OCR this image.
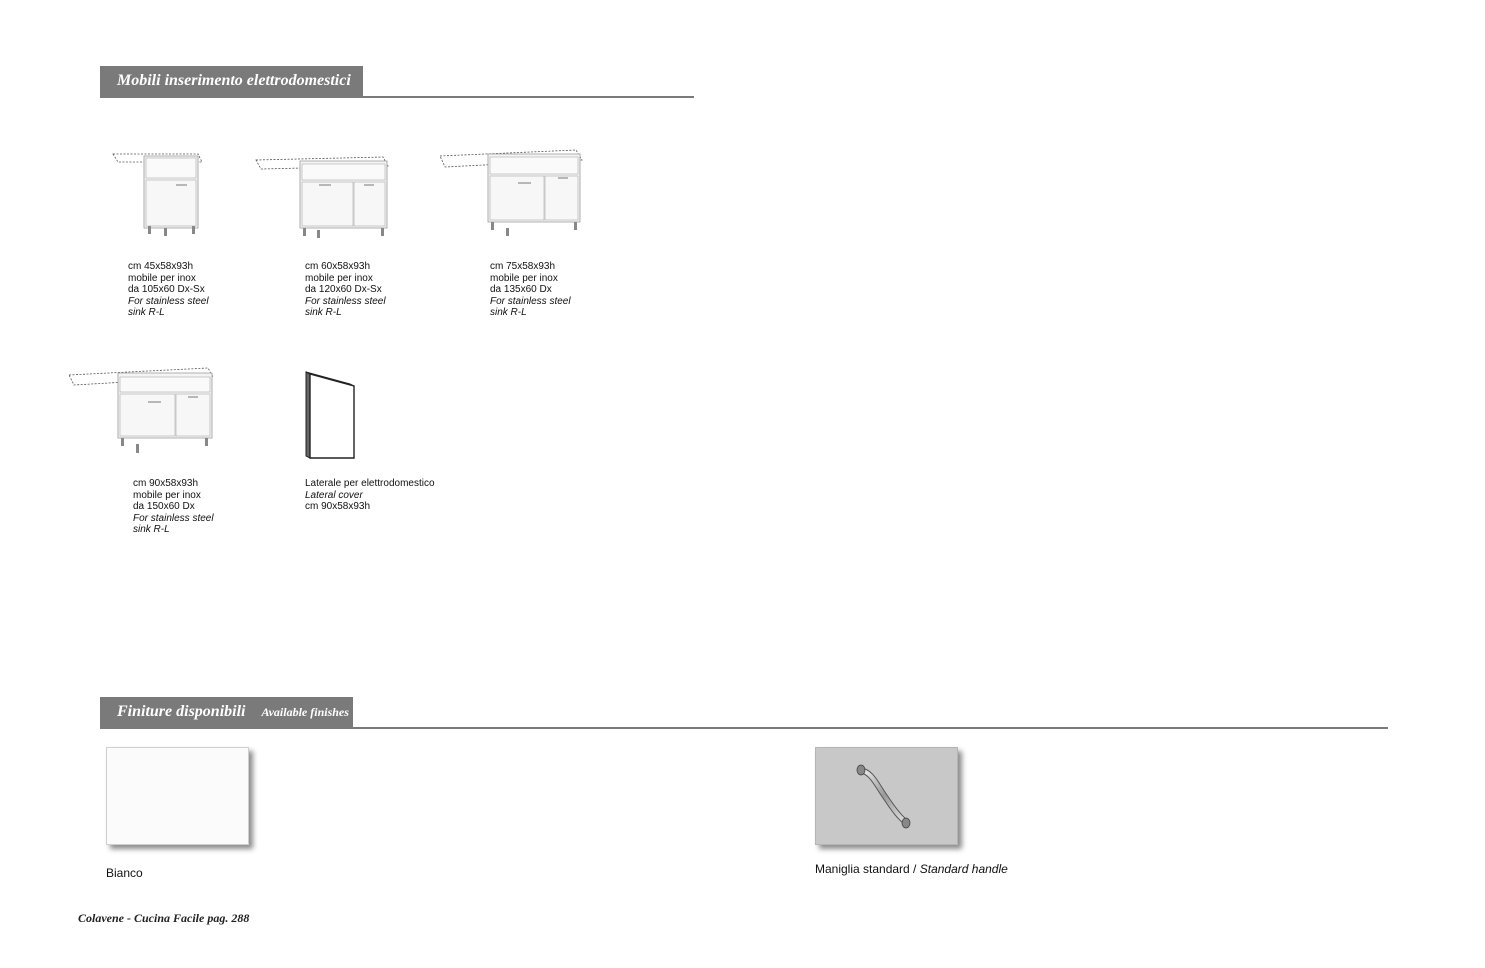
Mobili inserimento elettrodomestici
cm 45x58x93h
mobile per inox
da 105x60 Dx-Sx
For stainless steel
sink R-L
cm 60x58x93h
mobile per inox
da 120x60 Dx-Sx
For stainless steel
sink R-L
cm 75x58x93h
mobile per inox
da 135x60 Dx
For stainless steel
sink R-L
cm 90x58x93h
mobile per inox
da 150x60 Dx
For stainless steel
sink R-L
Laterale per elettrodomestico
Lateral cover
cm 90x58x93h
Finiture disponibili Available finishes
Bianco	Maniglia standard / Standard handle
Colavene - Cucina Facile pag. 288
